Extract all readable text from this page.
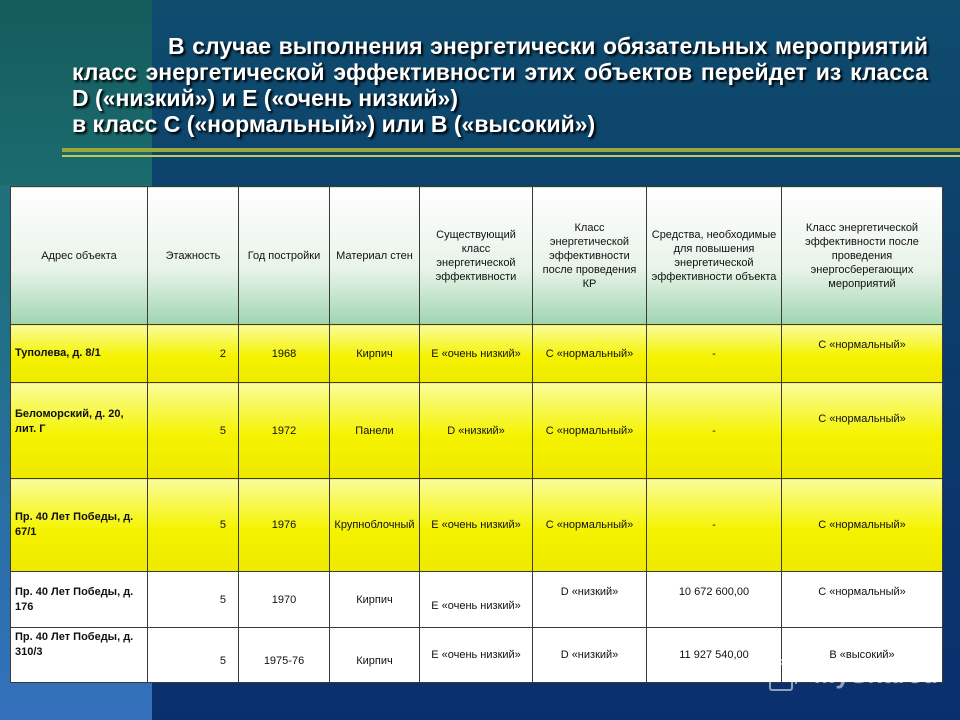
В случае выполнения энергетически обязательных мероприятий класс энергетической эффективности этих объектов перейдет из класса D («низкий») и E («очень низкий»)
в класс С («нормальный») или В («высокий»)

Адрес объекта	Этажность	Год постройки	Материал стен	Существующий класс энергетической эффективности	Класс энергетической эффективности после проведения КР	Средства, необходимые для повышения энергетической эффективности объекта	Класс энергетической эффективности после проведения энергосберегающих мероприятий
Туполева, д. 8/1	2	1968	Кирпич	Е «очень низкий»	С «нормальный»	-	С «нормальный»
Беломорский, д. 20, лит. Г	5	1972	Панели	D «низкий»	С «нормальный»	-	С «нормальный»
Пр. 40 Лет Победы, д. 67/1	5	1976	Крупноблочный	Е «очень низкий»	С «нормальный»	-	С «нормальный»
Пр. 40 Лет Победы, д. 176	5	1970	Кирпич	Е «очень низкий»	D «низкий»	10 672 600,00	С «нормальный»
Пр. 40 Лет Победы, д. 310/3	5	1975-76	Кирпич	Е «очень низкий»	D «низкий»	11 927 540,00	В «высокий»
MyShared
